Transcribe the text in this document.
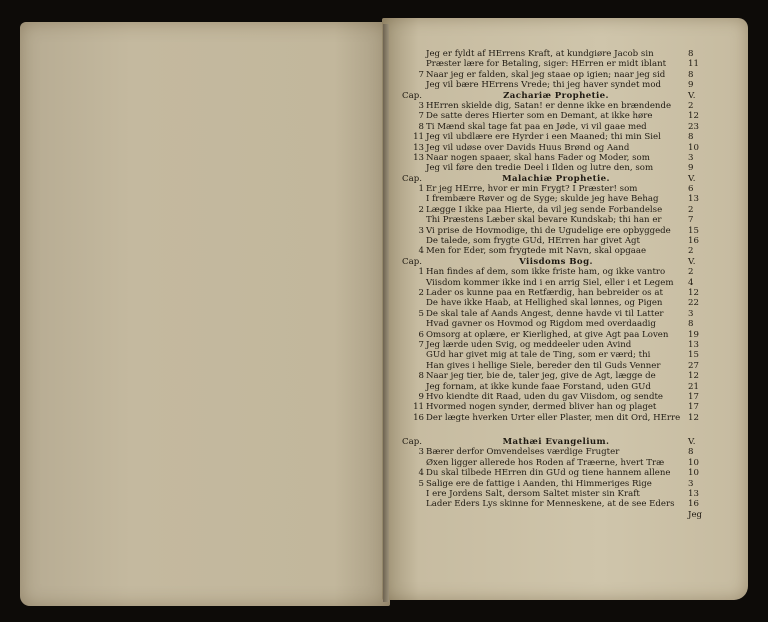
Jeg er fyldt af HErrens Kraft, at kundgiøre Jacob sin	8
Præster lære for Betaling, siger: HErren er midt iblant	11
7 Naar jeg er falden, skal jeg staae op igien; naar jeg sid	8
Jeg vil bære HErrens Vrede; thi jeg haver syndet mod	9
Cap.	Zachariæ Prophetie.	V.
3 HErren skielde dig, Satan! er denne ikke en brændende	2
7 De satte deres Hierter som en Demant, at ikke høre	12
8 Ti Mænd skal tage fat paa en Jøde, vi vil gaae med	23
11 Jeg vil ubdlære ere Hyrder i een Maaned; thi min Siel	8
13 Jeg vil udøse over Davids Huus Brønd og Aand	10
13 Naar nogen spaaer, skal hans Fader og Moder, som	3
Jeg vil føre den tredie Deel i Ilden og lutre den, som	9
Cap.	Malachiæ Prophetie.	V.
1 Er jeg HErre, hvor er min Frygt? I Præster! som	6
I frembære Røver og de Syge; skulde jeg have Behag	13
2 Lægge I ikke paa Hierte, da vil jeg sende Forbandelse	2
Thi Præstens Læber skal bevare Kundskab; thi han er	7
3 Vi prise de Hovmodige, thi de Ugudelige ere opbyggede	15
De talede, som frygte GUd, HErren har givet Agt	16
4 Men for Eder, som frygtede mit Navn, skal opgaae	2
Cap.	Viisdoms Bog.	V.
1 Han findes af dem, som ikke friste ham, og ikke vantro	2
Viisdom kommer ikke ind i en arrig Siel, eller i et Legem	4
2 Lader os kunne paa en Retfærdig, han bebreider os at	12
De have ikke Haab, at Hellighed skal lønnes, og Pigen	22
5 De skal tale af Aands Angest, denne havde vi til Latter	3
Hvad gavner os Hovmod og Rigdom med overdaadig	8
6 Omsorg at oplære, er Kierlighed, at give Agt paa Loven	19
7 Jeg lærde uden Svig, og meddeeler uden Avind	13
GUd har givet mig at tale de Ting, som er værd; thi	15
Han gives i hellige Siele, bereder den til Guds Venner	27
8 Naar jeg tier, bie de, taler jeg, give de Agt, lægge de	12
Jeg fornam, at ikke kunde faae Forstand, uden GUd	21
9 Hvo kiendte dit Raad, uden du gav Viisdom, og sendte	17
11 Hvormed nogen synder, dermed bliver han og plaget	17
16 Der lægte hverken Urter eller Plaster, men dit Ord, HErre 12
Cap.	Mathæi Evangelium.	V.
3 Bærer derfor Omvendelses værdige Frugter	8
Øxen ligger allerede hos Roden af Træerne, hvert Træ	10
4 Du skal tilbede HErren din GUd og tiene hannem allene	10
5 Salige ere de fattige i Aanden, thi Himmeriges Rige	3
I ere Jordens Salt, dersom Saltet mister sin Kraft	13
Lader Eders Lys skinne for Menneskene, at de see Eders	16
Jeg
